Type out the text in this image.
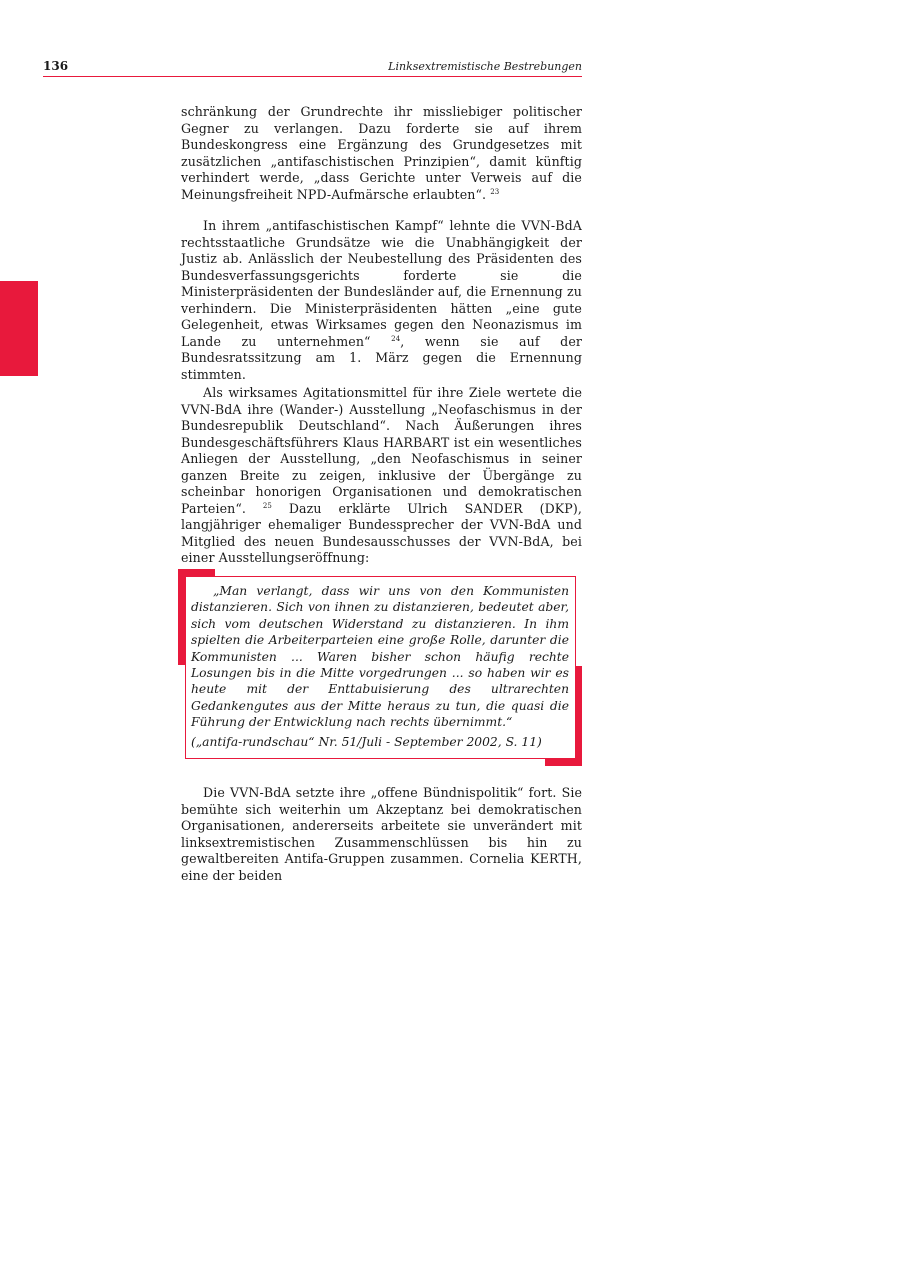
136	Linksextremistische Bestrebungen

schränkung der Grundrechte ihr missliebiger politischer Gegner zu verlangen. Dazu forderte sie auf ihrem Bundeskongress eine Ergänzung des Grundgesetzes mit zusätzlichen „antifaschistischen Prinzipien“, damit künftig verhindert werde, „dass Gerichte unter Verweis auf die Meinungsfreiheit NPD-Aufmärsche erlaubten“. $^{23}$

In ihrem „antifaschistischen Kampf“ lehnte die VVN-BdA rechtsstaatliche Grundsätze wie die Unabhängigkeit der Justiz ab. Anlässlich der Neubestellung des Präsidenten des Bundesverfassungsgerichts forderte sie die Ministerpräsidenten der Bundesländer auf, die Ernennung zu verhindern. Die Ministerpräsidenten hätten „eine gute Gelegenheit, etwas Wirksames gegen den Neonazismus im Lande zu unternehmen“	$^{24}$, wenn sie auf der Bundesratssitzung am 1. März gegen die Ernennung stimmten.

Als wirksames Agitationsmittel für ihre Ziele wertete die VVN-BdA ihre (Wander-) Ausstellung „Neofaschismus in der Bundesrepublik Deutschland“. Nach Äußerungen ihres Bundesgeschäftsführers Klaus HARBART ist ein wesentliches Anliegen der Ausstellung, „den Neofaschismus in seiner ganzen Breite zu zeigen, inklusive der Übergänge zu scheinbar honorigen Organisationen und demokratischen Parteien“. $^{25}$ Dazu erklärte Ulrich SANDER (DKP), langjähriger ehemaliger Bundessprecher der VVN-BdA und Mitglied des neuen Bundesausschusses der VVN-BdA, bei einer Ausstellungseröffnung:

„Man verlangt, dass wir uns von den Kommunisten distanzieren. Sich von ihnen zu distanzieren, bedeutet aber, sich vom deutschen Widerstand zu distanzieren. In ihm spielten die Arbeiterparteien eine große Rolle, darunter die Kommunisten ... Waren bisher schon häufig rechte Losungen bis in die Mitte vorgedrungen ... so haben wir es heute mit der Enttabuisierung des ultrarechten Gedankengutes aus der Mitte heraus zu tun, die quasi die Führung der Entwicklung nach rechts übernimmt.“

(„antifa-rundschau“ Nr. 51/Juli - September 2002, S. 11)

Die VVN-BdA setzte ihre „offene Bündnispolitik“ fort. Sie bemühte sich weiterhin um Akzeptanz bei demokratischen Organisationen, andererseits arbeitete sie unverändert mit linksextremistischen Zusammenschlüssen bis hin zu gewaltbereiten Antifa-Gruppen zusammen. Cornelia KERTH, eine der beiden
